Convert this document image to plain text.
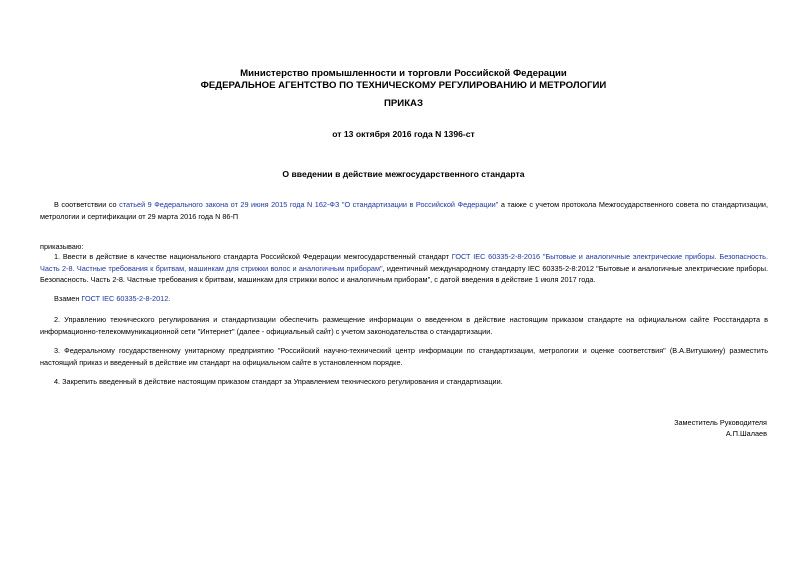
Министерство промышленности и торговли Российской Федерации
ФЕДЕРАЛЬНОЕ АГЕНТСТВО ПО ТЕХНИЧЕСКОМУ РЕГУЛИРОВАНИЮ И МЕТРОЛОГИИ
ПРИКАЗ
от 13 октября 2016 года N 1396-ст
О введении в действие межгосударственного стандарта
В соответствии со статьей 9 Федерального закона от 29 июня 2015 года N 162-ФЗ "О стандартизации в Российской Федерации" а также с учетом протокола Межгосударственного совета по стандартизации, метрологии и сертификации от 29 марта 2016 года N 86-П
приказываю:
1. Ввести в действие в качестве национального стандарта Российской Федерации межгосударственный стандарт ГОСТ IEC 60335-2-8-2016 "Бытовые и аналогичные электрические приборы. Безопасность. Часть 2-8. Частные требования к бритвам, машинкам для стрижки волос и аналогичным приборам", идентичный международному стандарту IEC 60335-2-8:2012 "Бытовые и аналогичные электрические приборы. Безопасность. Часть 2-8. Частные требования к бритвам, машинкам для стрижки волос и аналогичным приборам", с датой введения в действие 1 июля 2017 года.
Взамен ГОСТ IEC 60335-2-8-2012.
2. Управлению технического регулирования и стандартизации обеспечить размещение информации о введенном в действие настоящим приказом стандарте на официальном сайте Росстандарта в информационно-телекоммуникационной сети "Интернет" (далее - официальный сайт) с учетом законодательства о стандартизации.
3. Федеральному государственному унитарному предприятию "Российский научно-технический центр информации по стандартизации, метрологии и оценке соответствия" (В.А.Витушкину) разместить настоящий приказ и введенный в действие им стандарт на официальном сайте в установленном порядке.
4. Закрепить введенный в действие настоящим приказом стандарт за Управлением технического регулирования и стандартизации.
Заместитель Руководителя
А.П.Шалаев
